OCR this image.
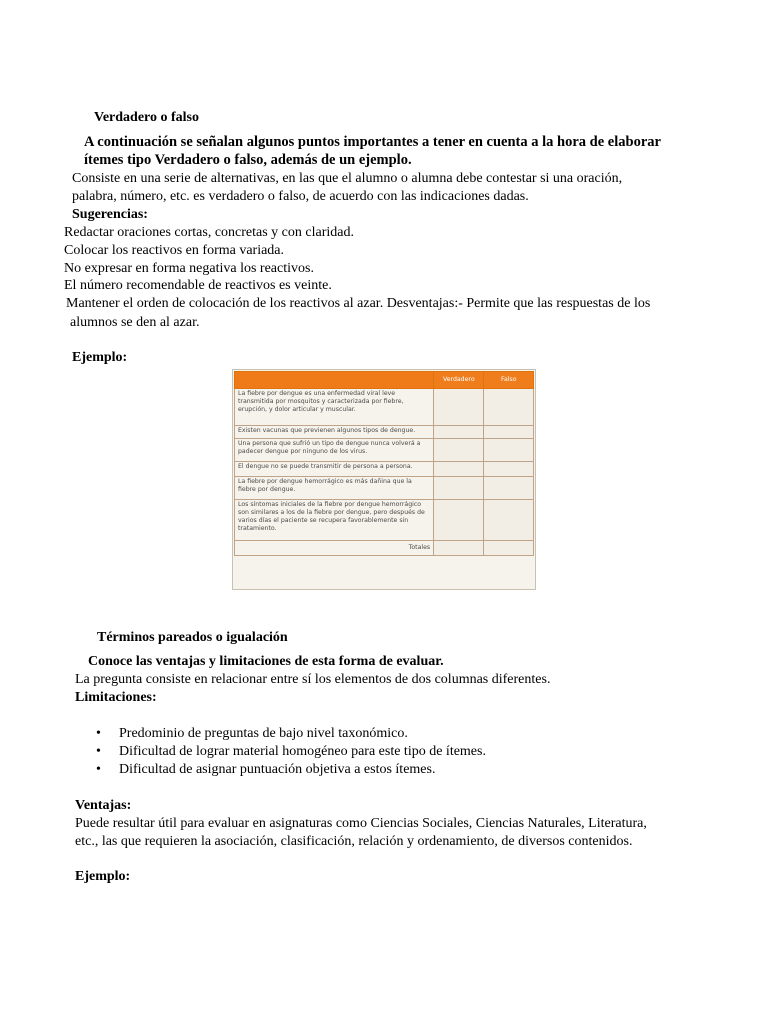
Verdadero o falso
A continuación se señalan algunos puntos importantes a tener en cuenta a la hora de elaborar
ítemes tipo Verdadero o falso, además de un ejemplo.
Consiste en una serie de alternativas, en las que el alumno o alumna debe contestar si una oración,
palabra, número, etc. es verdadero o falso, de acuerdo con las indicaciones dadas.
Sugerencias:
Redactar oraciones cortas, concretas y con claridad.
Colocar los reactivos en forma variada.
No expresar en forma negativa los reactivos.
El número recomendable de reactivos es veinte.
Mantener el orden de colocación de los reactivos al azar. Desventajas:- Permite que las respuestas de los
alumnos se den al azar.
Ejemplo:
	Verdadero	Falso

La fiebre por dengue es una enfermedad viral leve transmitida por mosquitos y caracterizada por fiebre, erupción, y dolor articular y muscular.		

Existen vacunas que previenen algunos tipos de dengue.		

Una persona que sufrió un tipo de dengue nunca volverá a padecer dengue por ninguno de los virus.		

El dengue no se puede transmitir de persona a persona.		

La fiebre por dengue hemorrágico es más dañina que la fiebre por dengue.		

Los síntomas iniciales de la fiebre por dengue hemorrágico son similares a los de la fiebre por dengue, pero después de varios días el paciente se recupera favorablemente sin tratamiento.		

Totales		
Términos pareados o igualación
Conoce las ventajas y limitaciones de esta forma de evaluar.
La pregunta consiste en relacionar entre sí los elementos de dos columnas diferentes.
Limitaciones:
• Predominio de preguntas de bajo nivel taxonómico.
• Dificultad de lograr material homogéneo para este tipo de ítemes.
• Dificultad de asignar puntuación objetiva a estos ítemes.
Ventajas:
Puede resultar útil para evaluar en asignaturas como Ciencias Sociales, Ciencias Naturales, Literatura,
etc., las que requieren la asociación, clasificación, relación y ordenamiento, de diversos contenidos.
Ejemplo:
